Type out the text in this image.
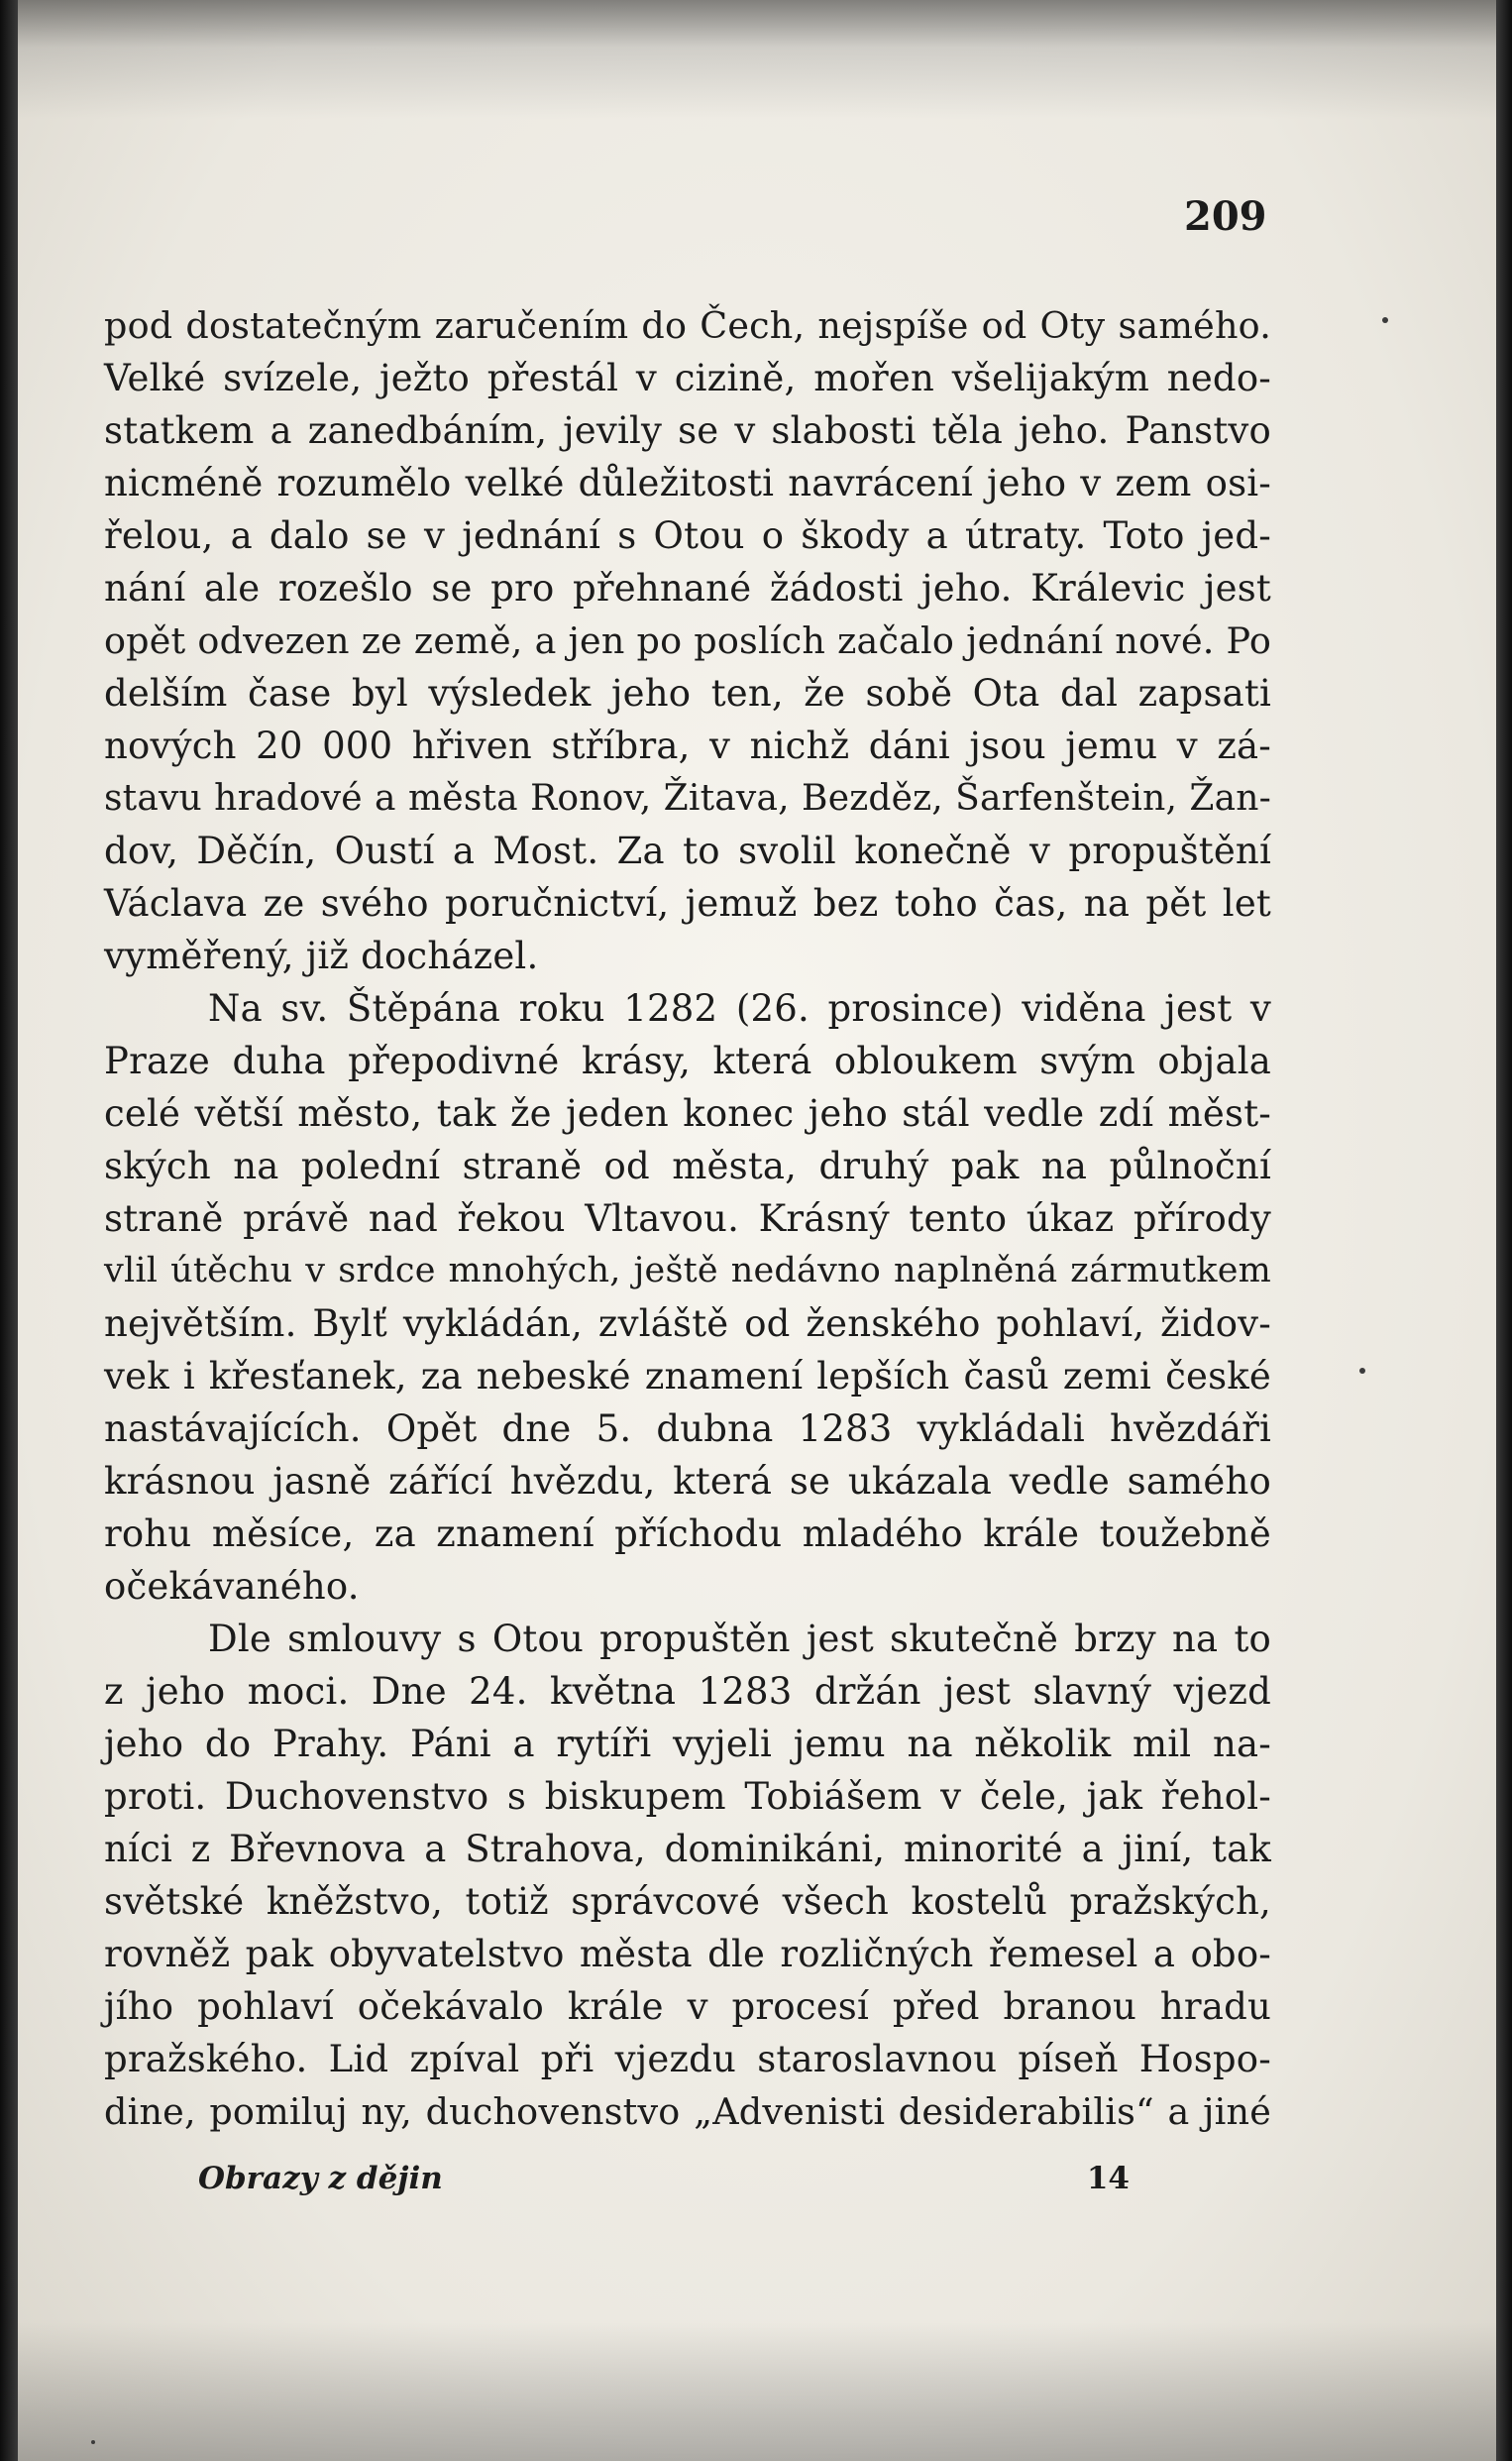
209
pod dostatečným zaručením do Čech, nejspíše od Oty samého.
Velké svízele, ježto přestál v cizině, mořen všelijakým nedo-
statkem a zanedbáním, jevily se v slabosti těla jeho. Panstvo
nicméně rozumělo velké důležitosti navrácení jeho v zem osi-
řelou, a dalo se v jednání s Otou o škody a útraty. Toto jed-
nání ale rozešlo se pro přehnané žádosti jeho. Králevic jest
opět odvezen ze země, a jen po poslích začalo jednání nové. Po
delším čase byl výsledek jeho ten, že sobě Ota dal zapsati
nových 20 000 hřiven stříbra, v nichž dáni jsou jemu v zá-
stavu hradové a města Ronov, Žitava, Bezděz, Šarfenštein, Žan-
dov, Děčín, Oustí a Most. Za to svolil konečně v propuštění
Václava ze svého poručnictví, jemuž bez toho čas, na pět let
vyměřený, již docházel.
Na sv. Štěpána roku 1282 (26. prosince) viděna jest v
Praze duha přepodivné krásy, která obloukem svým objala
celé větší město, tak že jeden konec jeho stál vedle zdí měst-
ských na polední straně od města, druhý pak na půlnoční
straně právě nad řekou Vltavou. Krásný tento úkaz přírody
vlil útěchu v srdce mnohých, ještě nedávno naplněná zármutkem
největším. Bylť vykládán, zvláště od ženského pohlaví, židov-
vek i křesťanek, za nebeské znamení lepších časů zemi české
nastávajících. Opět dne 5. dubna 1283 vykládali hvězdáři
krásnou jasně zářící hvězdu, která se ukázala vedle samého
rohu měsíce, za znamení příchodu mladého krále toužebně
očekávaného.
Dle smlouvy s Otou propuštěn jest skutečně brzy na to
z jeho moci. Dne 24. května 1283 držán jest slavný vjezd
jeho do Prahy. Páni a rytíři vyjeli jemu na několik mil na-
proti. Duchovenstvo s biskupem Tobiášem v čele, jak řehol-
níci z Břevnova a Strahova, dominikáni, minorité a jiní, tak
světské kněžstvo, totiž správcové všech kostelů pražských,
rovněž pak obyvatelstvo města dle rozličných řemesel a obo-
jího pohlaví očekávalo krále v procesí před branou hradu
pražského. Lid zpíval při vjezdu staroslavnou píseň Hospo-
dine, pomiluj ny, duchovenstvo „Advenisti desiderabilis“ a jiné
Obrazy z dějin	14
